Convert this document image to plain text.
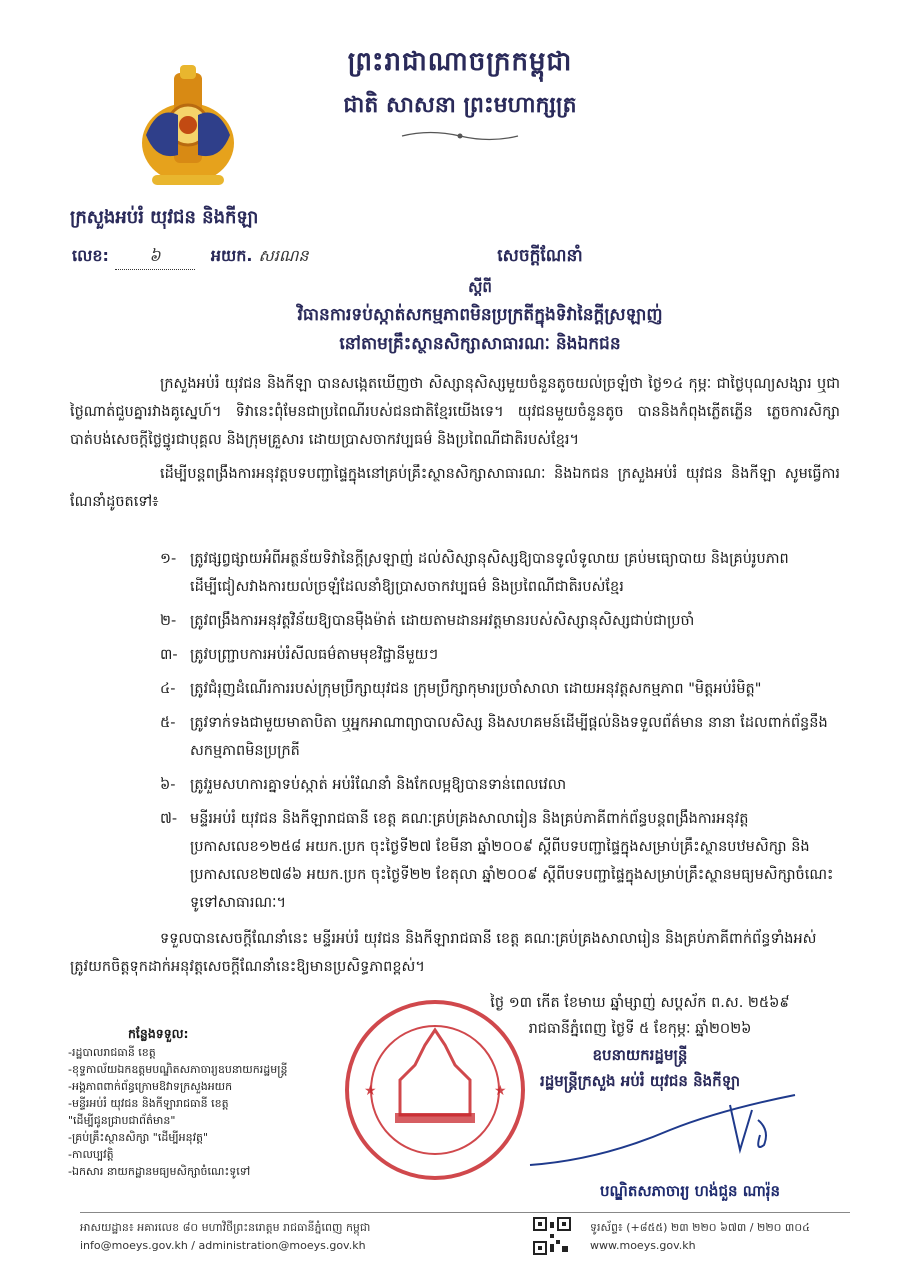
ព្រះរាជាណាចក្រកម្ពុជា
ជាតិ សាសនា ព្រះមហាក្សត្រ
ក្រសួងអប់រំ យុវជន និងកីឡា
លេខ:	៦	អយក. សរណន	សេចក្តីណែនាំ
ស្តីពី
វិធានការទប់ស្កាត់សកម្មភាពមិនប្រក្រតីក្នុងទិវានៃក្តីស្រឡាញ់
នៅតាមគ្រឹះស្ថានសិក្សាសាធារណៈ និងឯកជន

ក្រសួងអប់រំ យុវជន និងកីឡា បានសង្កេតឃើញថា សិស្សានុសិស្សមួយចំនួនតូចយល់ច្រឡំថា ថ្ងៃ១៤ កុម្ភៈ ជាថ្ងៃបុណ្យសង្សារ ឬជាថ្ងៃណាត់ជួបគ្នារវាងគូស្នេហ៍។ ទិវានេះពុំមែនជាប្រពៃណីរបស់ជនជាតិខ្មែរយើងទេ។ យុវជនមួយចំនួនតូច បាននិងកំពុងភ្លើតភ្លើន ភ្លេចការសិក្សា បាត់បង់សេចក្តីថ្លៃថ្នូរជាបុគ្គល និងក្រុមគ្រួសារ ដោយប្រាសចាកវប្បធម៌ និងប្រពៃណីជាតិរបស់ខ្មែរ។

ដើម្បីបន្តពង្រឹងការអនុវត្តបទបញ្ជាផ្ទៃក្នុងនៅគ្រប់គ្រឹះស្ថានសិក្សាសាធារណៈ និងឯកជន ក្រសួងអប់រំ យុវជន និងកីឡា សូមធ្វើការណែនាំដូចតទៅ៖

១- ត្រូវផ្សព្វផ្សាយអំពីអត្ថន័យទិវានៃក្តីស្រឡាញ់ ដល់សិស្សានុសិស្សឱ្យបានទូលំទូលាយ គ្រប់មធ្យោបាយ និងគ្រប់រូបភាព ដើម្បីជៀសវាងការយល់ច្រឡំដែលនាំឱ្យប្រាសចាកវប្បធម៌ និងប្រពៃណីជាតិរបស់ខ្មែរ
២- ត្រូវពង្រឹងការអនុវត្តវិន័យឱ្យបានម៉ឺងម៉ាត់ ដោយតាមដានអវត្តមានរបស់សិស្សានុសិស្សជាប់ជាប្រចាំ
៣- ត្រូវបញ្ជ្រាបការអប់រំសីលធម៌តាមមុខវិជ្ជានីមួយៗ
៤-	ត្រូវជំរុញដំណើរការរបស់ក្រុមប្រឹក្សាយុវជន ក្រុមប្រឹក្សាកុមារប្រចាំសាលា ដោយអនុវត្តសកម្មភាព "មិត្តអប់រំមិត្ត"
៥-	ត្រូវទាក់ទងជាមួយមាតាបិតា ឬអ្នកអាណាព្យាបាលសិស្ស និងសហគមន៍ដើម្បីផ្តល់និងទទួលព័ត៌មាន នានា ដែលពាក់ព័ន្ធនឹងសកម្មភាពមិនប្រក្រតី
៦-	ត្រូវរួមសហការគ្នាទប់ស្កាត់ អប់រំណែនាំ និងកែលម្អឱ្យបានទាន់ពេលវេលា
៧- មន្ទីរអប់រំ យុវជន និងកីឡារាជធានី ខេត្ត គណៈគ្រប់គ្រងសាលារៀន និងគ្រប់ភាគីពាក់ព័ន្ធបន្តពង្រឹងការអនុវត្តប្រកាសលេខ១២៥៨ អយក.ប្រក ចុះថ្ងៃទី២៧ ខែមីនា ឆ្នាំ២០០៩ ស្តីពីបទបញ្ជាផ្ទៃក្នុងសម្រាប់គ្រឹះស្ថានបឋមសិក្សា និងប្រកាសលេខ២៧៨៦ អយក.ប្រក ចុះថ្ងៃទី២២ ខែតុលា ឆ្នាំ២០០៩ ស្តីពីបទបញ្ជាផ្ទៃក្នុងសម្រាប់គ្រឹះស្ថានមធ្យមសិក្សាចំណេះទូទៅសាធារណៈ។
ទទួលបានសេចក្តីណែនាំនេះ មន្ទីរអប់រំ យុវជន និងកីឡារាជធានី ខេត្ត គណៈគ្រប់គ្រងសាលារៀន និងគ្រប់ភាគីពាក់ព័ន្ធទាំងអស់ ត្រូវយកចិត្តទុកដាក់អនុវត្តសេចក្តីណែនាំនេះឱ្យមានប្រសិទ្ធភាពខ្ពស់។
★	★
ថ្ងៃ ១៣ កើត ខែមាឃ ឆ្នាំម្សាញ់ សប្តស័ក ព.ស. ២៥៦៩
រាជធានីភ្នំពេញ ថ្ងៃទី ៥ ខែកុម្ភៈ ឆ្នាំ២០២៦
ឧបនាយករដ្ឋមន្ត្រី
រដ្ឋមន្ត្រីក្រសួង អប់រំ យុវជន និងកីឡា
បណ្ឌិតសភាចារ្យ ហង់ជួន ណារ៉ុន
កន្លែងទទួល:
-រដ្ឋបាលរាជធានី ខេត្ត
-ខុទ្ទកាល័យឯកឧត្តមបណ្ឌិតសភាចារ្យឧបនាយករដ្ឋមន្ត្រី
-អង្គភាពពាក់ព័ន្ធក្រោមឱវាទក្រសួងអយក
-មន្ទីរអប់រំ យុវជន និងកីឡារាជធានី ខេត្ត
"ដើម្បីជូនជ្រាបជាព័ត៌មាន"
-គ្រប់គ្រឹះស្ថានសិក្សា "ដើម្បីអនុវត្ត"
-កាលប្បវត្តិ
-ឯកសារ នាយកដ្ឋានមធ្យមសិក្សាចំណេះទូទៅ
អាសយដ្ឋាន៖ អគារលេខ ៨០ មហាវិថីព្រះនរោត្តម រាជធានីភ្នំពេញ កម្ពុជា
info@moeys.gov.kh / administration@moeys.gov.kh
ទូរស័ព្ទ៖ (+៨៥៥) ២៣ ២២០ ៦៧៣ / ២២០ ៣០៤
www.moeys.gov.kh
